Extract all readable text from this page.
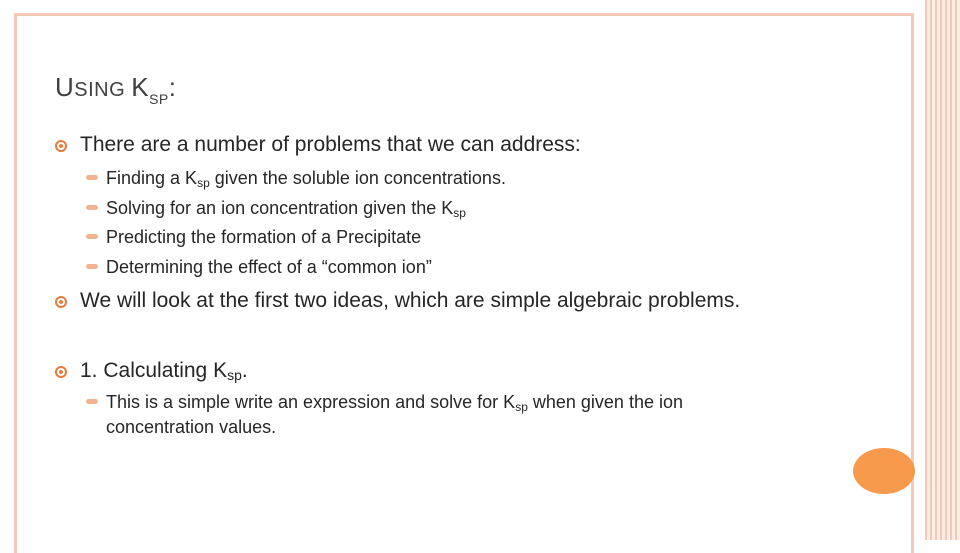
USING $K_{SP}$:
There are a number of problems that we can address:
Finding a $K_{sp}$ given the soluble ion concentrations.
Solving for an ion concentration given the $K_{sp}$
Predicting the formation of a Precipitate
Determining the effect of a “common ion”
We will look at the first two ideas, which are simple algebraic problems.
1. Calculating $K_{sp}$.
This is a simple write an expression and solve for $K_{sp}$ when given the ion
concentration values.
